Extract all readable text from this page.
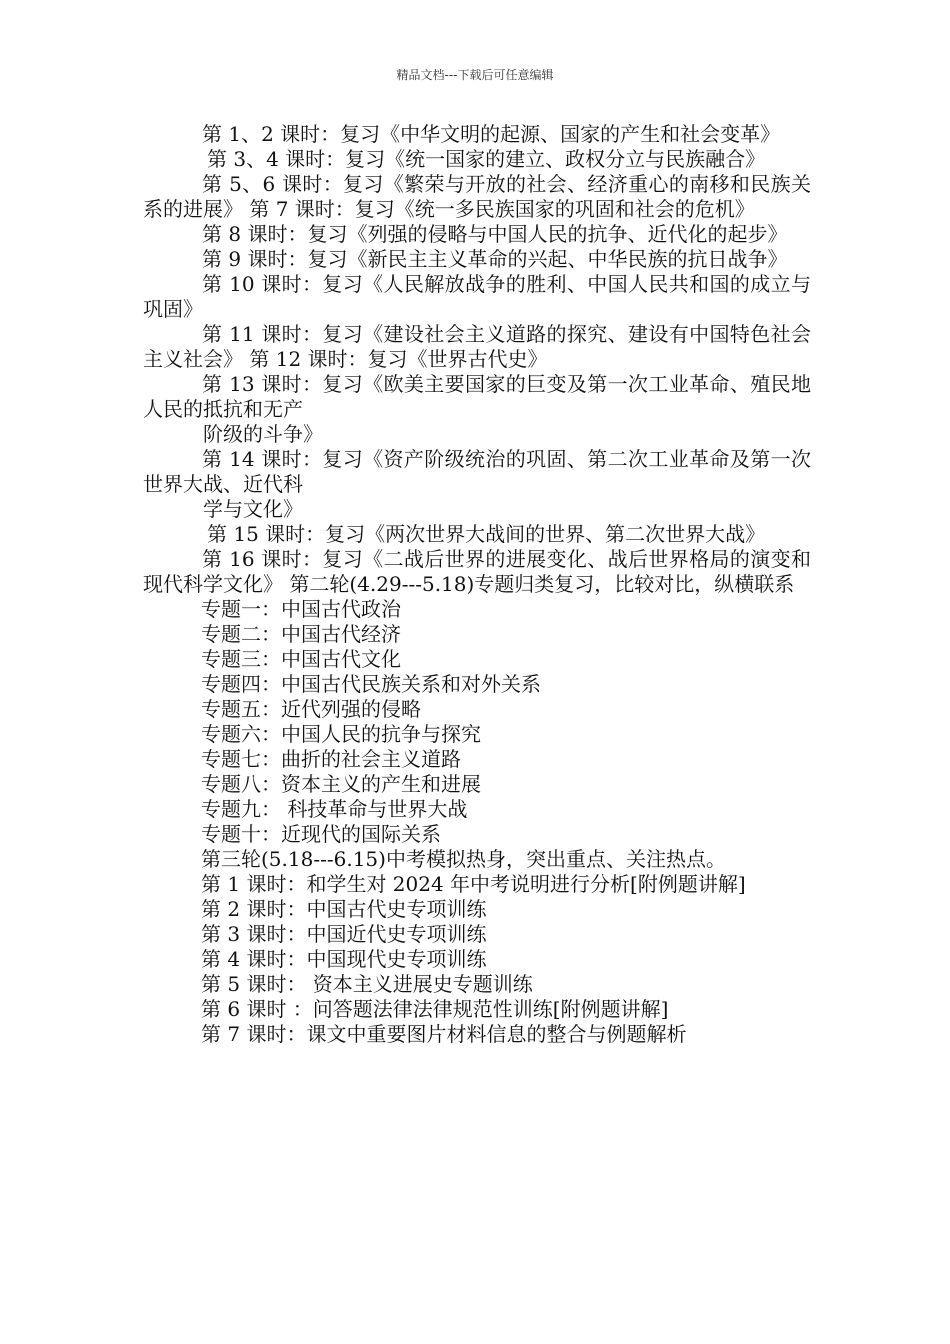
精品文档---下载后可任意编辑

第 1、2 课时：复习《中华文明的起源、国家的产生和社会变革》

第 3、4 课时：复习《统一国家的建立、政权分立与民族融合》

第 5、6 课时：复习《繁荣与开放的社会、经济重心的南移和民族关系的进展》 第 7 课时：复习《统一多民族国家的巩固和社会的危机》

第 8 课时：复习《列强的侵略与中国人民的抗争、近代化的起步》

第 9 课时：复习《新民主主义革命的兴起、中华民族的抗日战争》

第 10 课时：复习《人民解放战争的胜利、中国人民共和国的成立与巩固》

第 11 课时：复习《建设社会主义道路的探究、建设有中国特色社会主义社会》 第 12 课时：复习《世界古代史》

第 13 课时：复习《欧美主要国家的巨变及第一次工业革命、殖民地人民的抵抗和无产

阶级的斗争》

第 14 课时：复习《资产阶级统治的巩固、第二次工业革命及第一次世界大战、近代科

学与文化》

第 15 课时：复习《两次世界大战间的世界、第二次世界大战》

第 16 课时：复习《二战后世界的进展变化、战后世界格局的演变和现代科学文化》 第二轮(4.29---5.18)专题归类复习，比较对比，纵横联系

专题一：中国古代政治

专题二：中国古代经济

专题三：中国古代文化

专题四：中国古代民族关系和对外关系

专题五：近代列强的侵略

专题六：中国人民的抗争与探究

专题七：曲折的社会主义道路

专题八：资本主义的产生和进展

专题九： 科技革命与世界大战

专题十：近现代的国际关系

第三轮(5.18---6.15)中考模拟热身，突出重点、关注热点。

第 1 课时：和学生对 2024 年中考说明进行分析[附例题讲解]

第 2 课时：中国古代史专项训练

第 3 课时：中国近代史专项训练

第 4 课时：中国现代史专项训练

第 5 课时： 资本主义进展史专题训练

第 6 课时 ：问答题法律法律规范性训练[附例题讲解]

第 7 课时：课文中重要图片材料信息的整合与例题解析
